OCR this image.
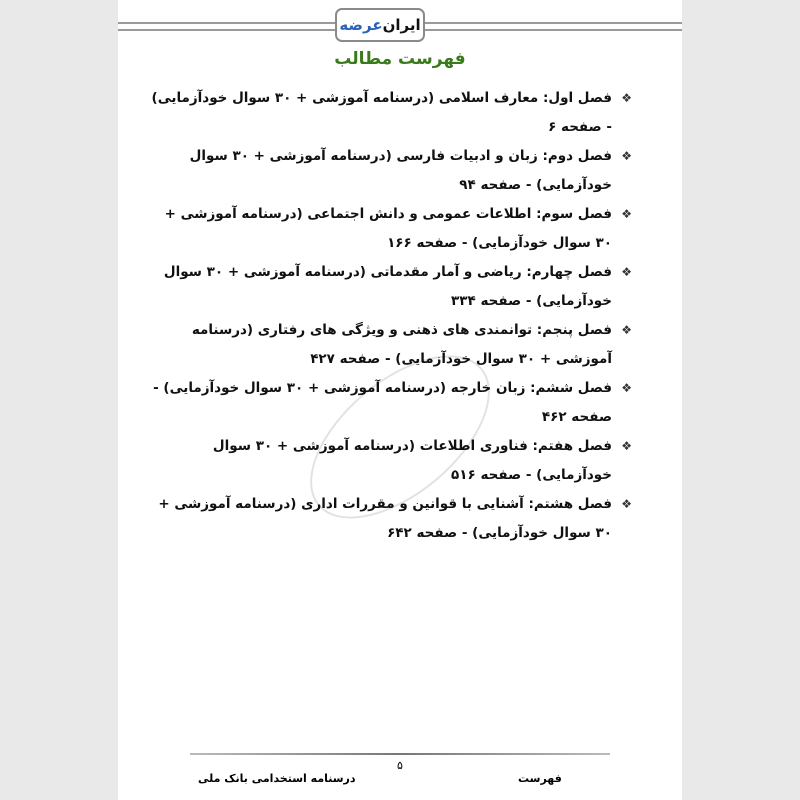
ایران
عرضه
فهرست مطالب
❖
فصل اول: معارف اسلامی (درسنامه آموزشی + ۳۰ سوال خودآزمایی) - صفحه ۶
❖
فصل دوم: زبان و ادبیات فارسی (درسنامه آموزشی + ۳۰ سوال خودآزمایی) - صفحه ۹۴
❖
فصل سوم: اطلاعات عمومی و دانش اجتماعی (درسنامه آموزشی + ۳۰ سوال خودآزمایی) - صفحه ۱۶۶
❖
فصل چهارم: ریاضی و آمار مقدماتی (درسنامه آموزشی + ۳۰ سوال خودآزمایی) - صفحه ۳۳۴
❖
فصل پنجم: توانمندی های ذهنی و ویژگی های رفتاری (درسنامه آموزشی + ۳۰ سوال خودآزمایی) - صفحه ۴۲۷
❖
فصل ششم: زبان خارجه (درسنامه آموزشی + ۳۰ سوال خودآزمایی) - صفحه ۴۶۲
❖
فصل هفتم: فناوری اطلاعات (درسنامه آموزشی + ۳۰ سوال خودآزمایی) - صفحه ۵۱۶
❖
فصل هشتم: آشنایی با قوانین و مقررات اداری (درسنامه آموزشی + ۳۰ سوال خودآزمایی) - صفحه ۶۴۲
۵
درسنامه استخدامی بانک ملی	فهرست
